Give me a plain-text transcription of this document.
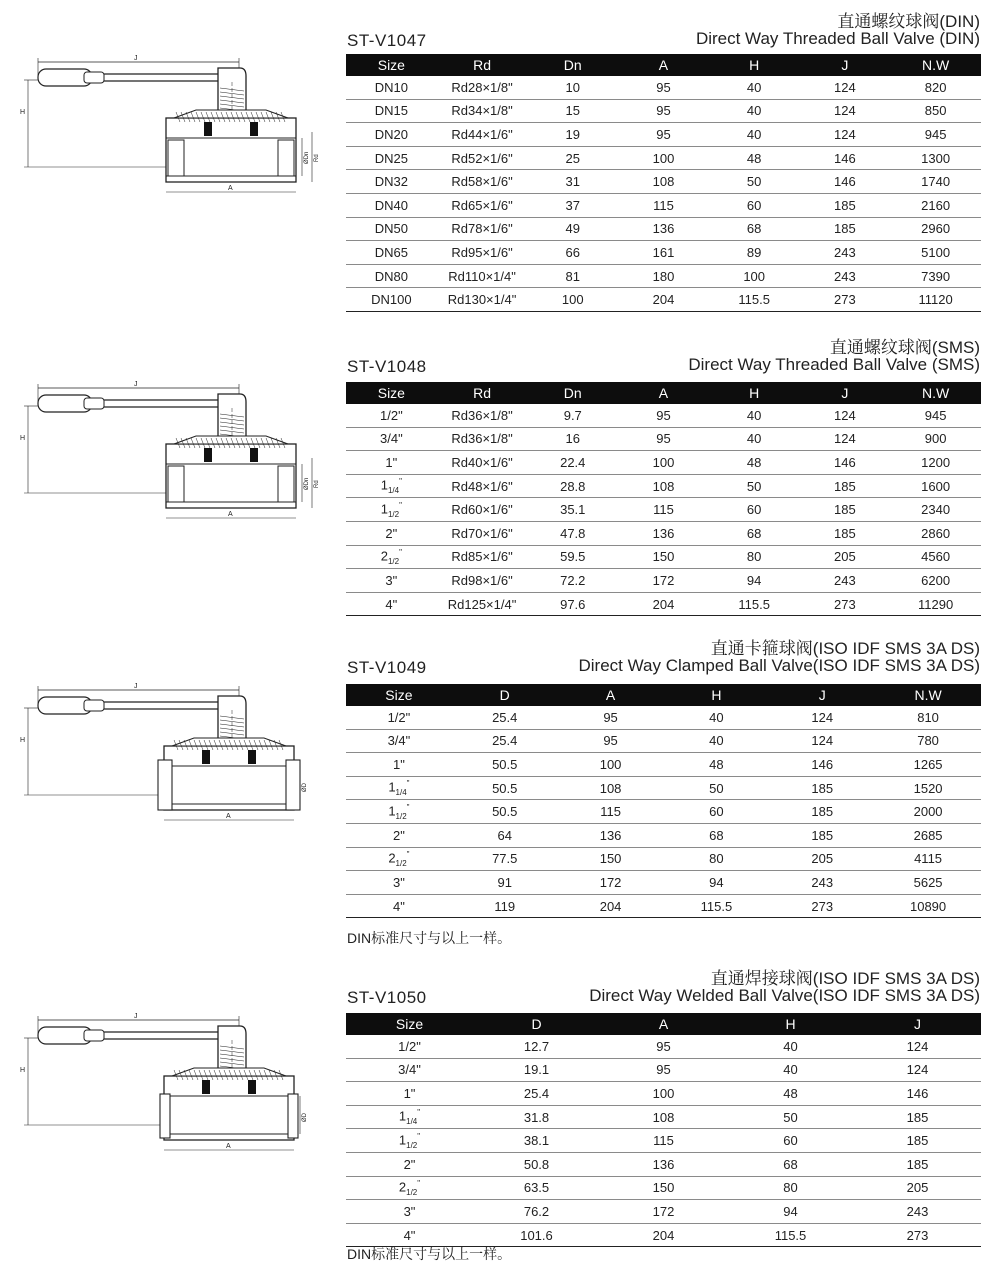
直通螺纹球阀(DIN)
ST-V1047	Direct Way Threaded Ball Valve (DIN)
J
H
A
ØDn Rd
Size	Rd	Dn	A	H	J	N.W
DN10	Rd28×1/8"	10	95	40	124	820
DN15	Rd34×1/8"	15	95	40	124	850
DN20	Rd44×1/6"	19	95	40	124	945
DN25	Rd52×1/6"	25	100	48	146	1300
DN32	Rd58×1/6"	31	108	50	146	1740
DN40	Rd65×1/6"	37	115	60	185	2160
DN50	Rd78×1/6"	49	136	68	185	2960
DN65	Rd95×1/6"	66	161	89	243	5100
DN80	Rd110×1/4"	81	180	100	243	7390
DN100	Rd130×1/4"	100	204	115.5	273	11120
直通螺纹球阀(SMS)
ST-V1048	Direct Way Threaded Ball Valve (SMS)
J
H
A
ØDn Rd
Size	Rd	Dn	A	H	J	N.W
1/2"	Rd36×1/8"	9.7	95	40	124	945
3/4"	Rd36×1/8"	16	95	40	124	900
1"	Rd40×1/6"	22.4	100	48	146	1200
$1_{1/4}^"$	Rd48×1/6"	28.8	108	50	185	1600
$1_{1/2}^"$	Rd60×1/6"	35.1	115	60	185	2340
2"	Rd70×1/6"	47.8	136	68	185	2860
$2_{1/2}^"$	Rd85×1/6"	59.5	150	80	205	4560
3"	Rd98×1/6"	72.2	172	94	243	6200
4"	Rd125×1/4"	97.6	204	115.5	273	11290
直通卡箍球阀(ISO IDF SMS 3A DS)
ST-V1049	Direct Way Clamped Ball Valve(ISO IDF SMS 3A DS)
J
H
A
ØD
Size	D	A	H	J	N.W
1/2"	25.4	95	40	124	810
3/4"	25.4	95	40	124	780
1"	50.5	100	48	146	1265
$1_{1/4}^"$	50.5	108	50	185	1520
$1_{1/2}^"$	50.5	115	60	185	2000
2"	64	136	68	185	2685
$2_{1/2}^"$	77.5	150	80	205	4115
3"	91	172	94	243	5625
4"	119	204	115.5	273	10890
DIN标准尺寸与以上一样。
直通焊接球阀(ISO IDF SMS 3A DS)
ST-V1050	Direct Way Welded Ball Valve(ISO IDF SMS 3A DS)
J
H
A
ØD
Size	D	A	H	J
1/2"	12.7	95	40	124
3/4"	19.1	95	40	124
1"	25.4	100	48	146
$1_{1/4}^"$	31.8	108	50	185
$1_{1/2}^"$	38.1	115	60	185
2"	50.8	136	68	185
$2_{1/2}^"$	63.5	150	80	205
3"	76.2	172	94	243
4"	101.6	204	115.5	273
DIN标准尺寸与以上一样。
